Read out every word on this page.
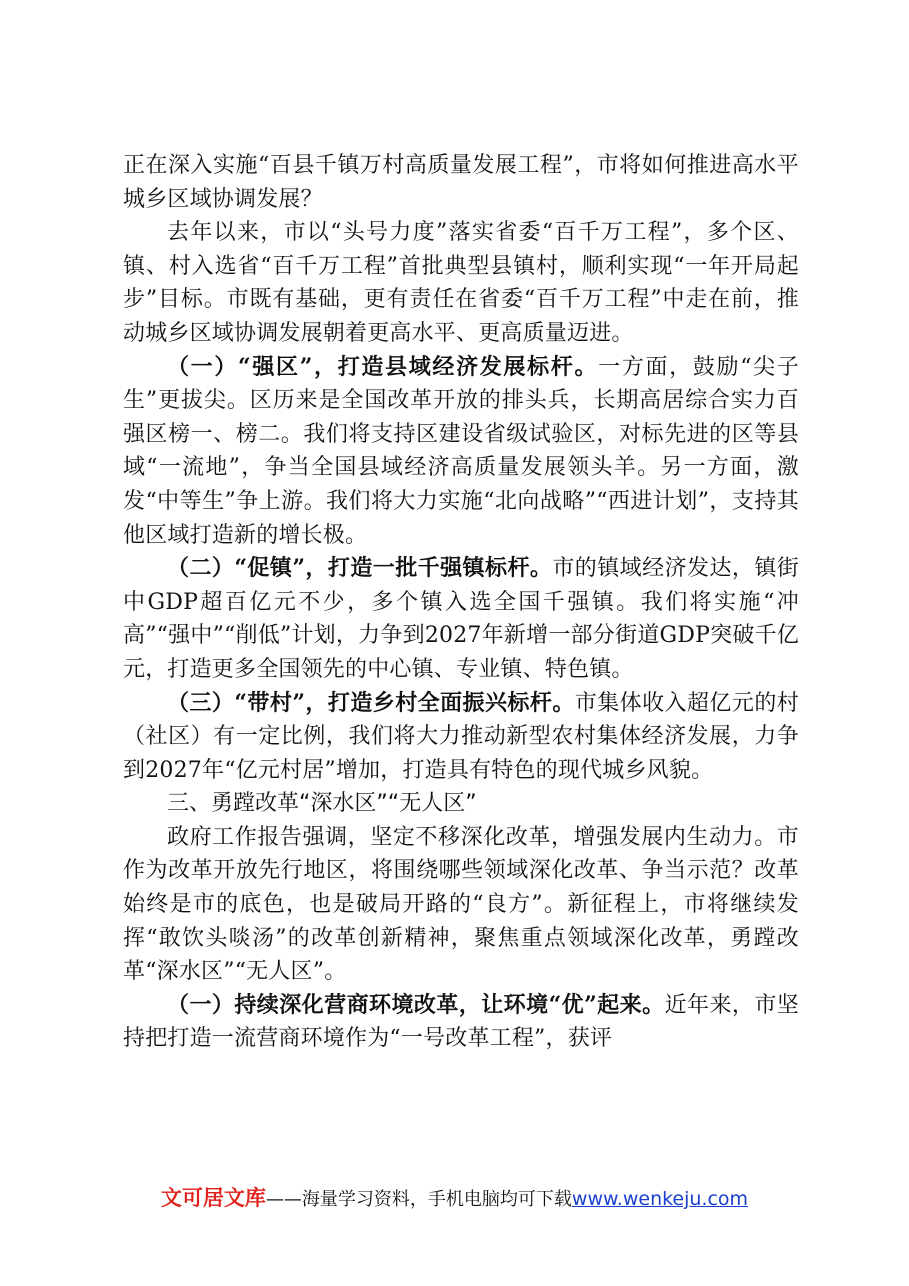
正在深入实施“百县千镇万村高质量发展工程”，市将如何推进高水平城乡区域协调发展？

去年以来，市以“头号力度”落实省委“百千万工程”，多个区、镇、村入选省“百千万工程”首批典型县镇村，顺利实现“一年开局起步”目标。市既有基础，更有责任在省委“百千万工程”中走在前，推动城乡区域协调发展朝着更高水平、更高质量迈进。

（一）“强区”，打造县域经济发展标杆。一方面，鼓励“尖子生”更拔尖。区历来是全国改革开放的排头兵，长期高居综合实力百强区榜一、榜二。我们将支持区建设省级试验区，对标先进的区等县域“一流地”，争当全国县域经济高质量发展领头羊。另一方面，激发“中等生”争上游。我们将大力实施“北向战略”“西进计划”，支持其他区域打造新的增长极。

（二）“促镇”，打造一批千强镇标杆。市的镇域经济发达，镇街中GDP超百亿元不少，多个镇入选全国千强镇。我们将实施“冲高”“强中”“削低”计划，力争到2027年新增一部分街道GDP突破千亿元，打造更多全国领先的中心镇、专业镇、特色镇。

（三）“带村”，打造乡村全面振兴标杆。市集体收入超亿元的村（社区）有一定比例，我们将大力推动新型农村集体经济发展，力争到2027年“亿元村居”增加，打造具有特色的现代城乡风貌。

三、勇蹚改革“深水区”“无人区”

政府工作报告强调，坚定不移深化改革，增强发展内生动力。市作为改革开放先行地区，将围绕哪些领域深化改革、争当示范？改革始终是市的底色，也是破局开路的“良方”。新征程上，市将继续发挥“敢饮头啖汤”的改革创新精神，聚焦重点领域深化改革，勇蹚改革“深水区”“无人区”。

（一）持续深化营商环境改革，让环境“优”起来。近年来，市坚持把打造一流营商环境作为“一号改革工程”，获评

文可居文库——海量学习资料，手机电脑均可下载www.wenkeju.com
